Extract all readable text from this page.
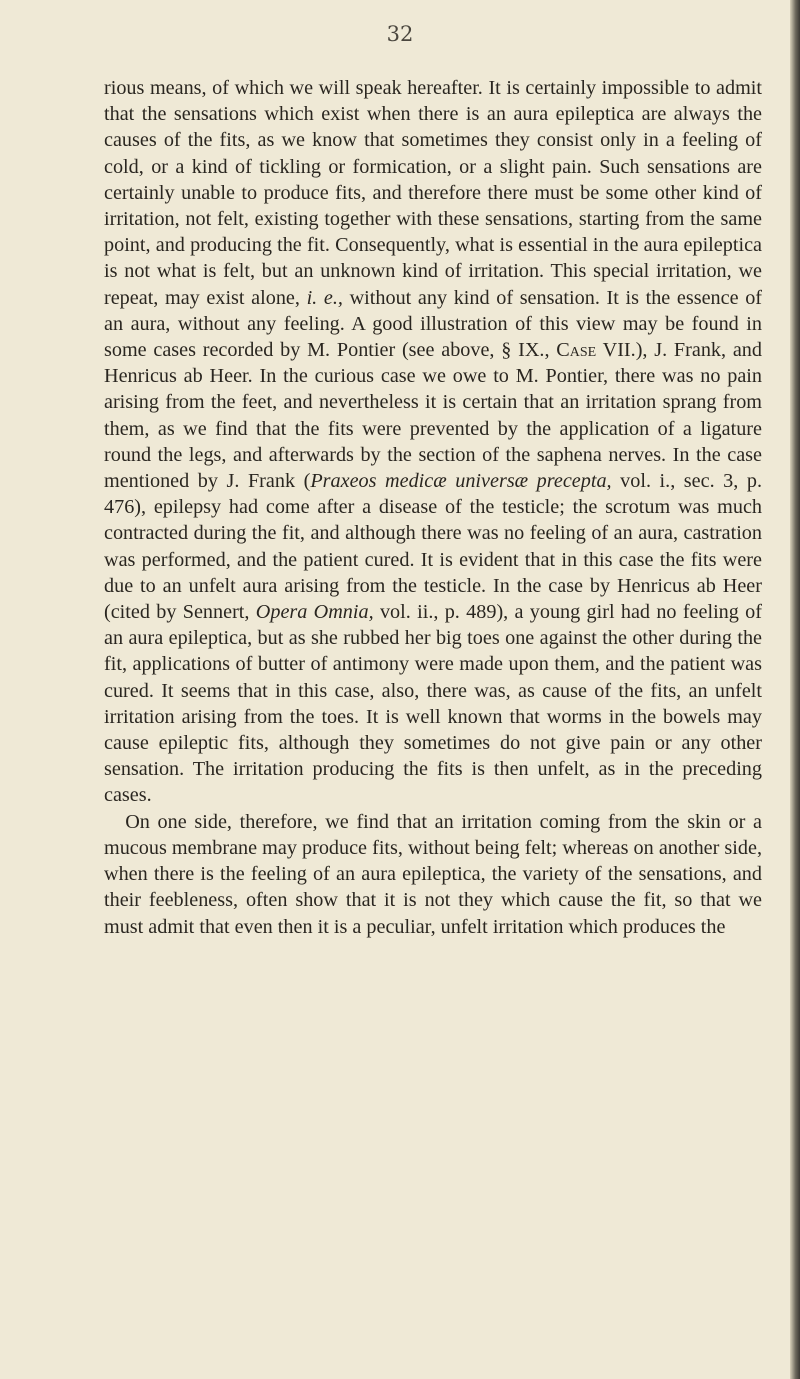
32

rious means, of which we will speak hereafter. It is certainly impossible to admit that the sensations which exist when there is an aura epileptica are always the causes of the fits, as we know that sometimes they consist only in a feeling of cold, or a kind of tickling or formication, or a slight pain. Such sensations are certainly unable to produce fits, and therefore there must be some other kind of irritation, not felt, existing together with these sensations, starting from the same point, and producing the fit. Consequently, what is essential in the aura epileptica is not what is felt, but an unknown kind of irritation. This special irritation, we repeat, may exist alone, i. e., without any kind of sensation. It is the essence of an aura, without any feeling. A good illustration of this view may be found in some cases recorded by M. Pontier (see above, § IX., Case VII.), J. Frank, and Henricus ab Heer. In the curious case we owe to M. Pontier, there was no pain arising from the feet, and nevertheless it is certain that an irritation sprang from them, as we find that the fits were prevented by the application of a ligature round the legs, and afterwards by the section of the saphena nerves. In the case mentioned by J. Frank (Praxeos medicæ universæ precepta, vol. i., sec. 3, p. 476), epilepsy had come after a disease of the testicle; the scrotum was much contracted during the fit, and although there was no feeling of an aura, castration was performed, and the patient cured. It is evident that in this case the fits were due to an unfelt aura arising from the testicle. In the case by Henricus ab Heer (cited by Sennert, Opera Omnia, vol. ii., p. 489), a young girl had no feeling of an aura epileptica, but as she rubbed her big toes one against the other during the fit, applications of butter of antimony were made upon them, and the patient was cured. It seems that in this case, also, there was, as cause of the fits, an unfelt irritation arising from the toes. It is well known that worms in the bowels may cause epileptic fits, although they sometimes do not give pain or any other sensation. The irritation producing the fits is then unfelt, as in the preceding cases.

On one side, therefore, we find that an irritation coming from the skin or a mucous membrane may produce fits, without being felt; whereas on another side, when there is the feeling of an aura epileptica, the variety of the sensations, and their feebleness, often show that it is not they which cause the fit, so that we must admit that even then it is a peculiar, unfelt irritation which produces the
